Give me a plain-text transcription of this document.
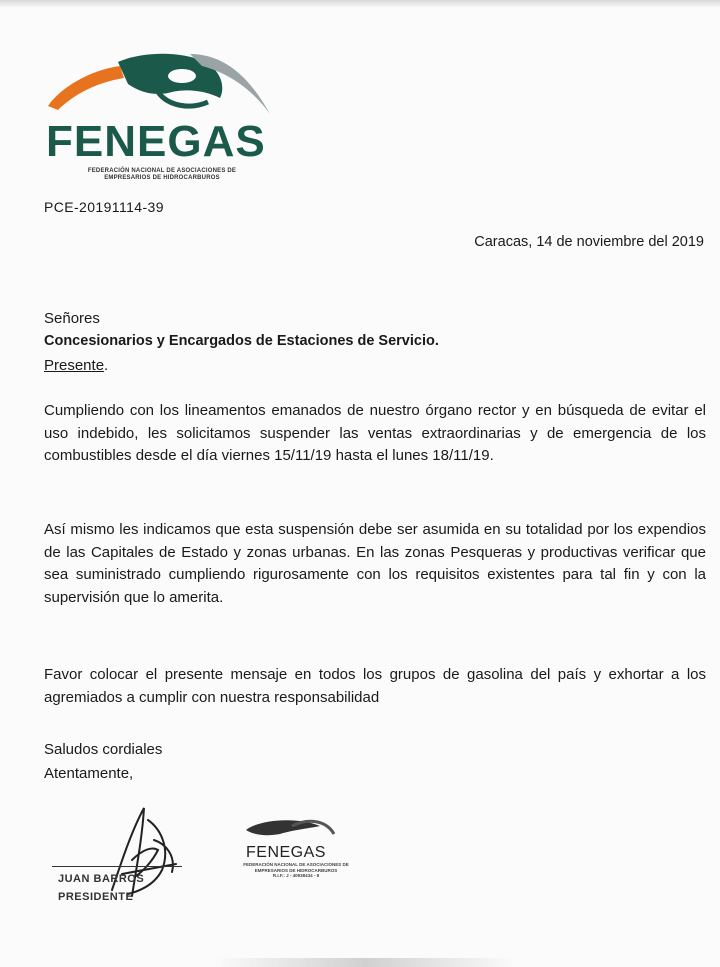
FENEGAS
FEDERACIÓN NACIONAL DE ASOCIACIONES DE
EMPRESARIOS DE HIDROCARBUROS
PCE-20191114-39
Caracas, 14 de noviembre del 2019
Señores
Concesionarios y Encargados de Estaciones de Servicio.
Presente.
Cumpliendo con los lineamentos emanados de nuestro órgano rector y en búsqueda de evitar el uso indebido, les solicitamos suspender las ventas extraordinarias y de emergencia de los combustibles desde el día viernes 15/11/19 hasta el lunes 18/11/19.
Así mismo les indicamos que esta suspensión debe ser asumida en su totalidad por los expendios de las Capitales de Estado y zonas urbanas. En las zonas Pesqueras y productivas verificar que sea suministrado cumpliendo rigurosamente con los requisitos existentes para tal fin y con la supervisión que lo amerita.
Favor colocar el presente mensaje en todos los grupos de gasolina del país y exhortar a los agremiados a cumplir con nuestra responsabilidad
Saludos cordiales
Atentamente,
JUAN BARROS
PRESIDENTE
FENEGAS
FEDERACIÓN NACIONAL DE ASOCIACIONES DE
EMPRESARIOS DE HIDROCARBUROS
R.I.F.: J - 40938434 - 8
